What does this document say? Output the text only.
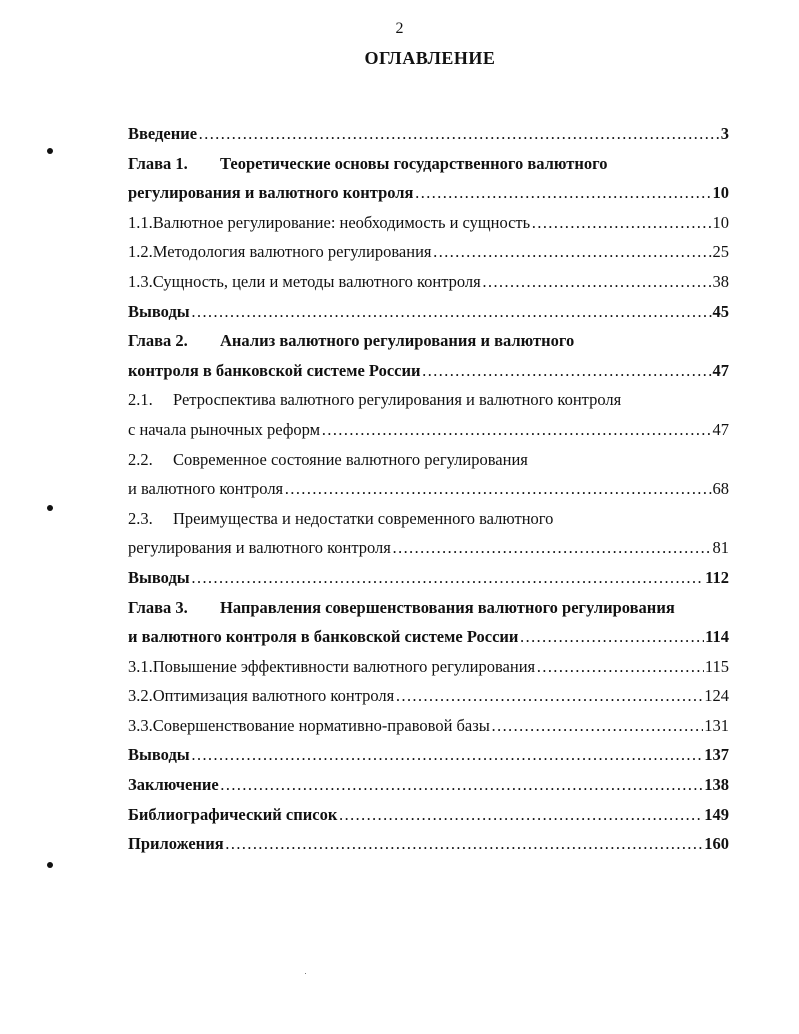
2
ОГЛАВЛЕНИЕ
Введение ……………………………………………………………………………………………………………………………………………………	3
Глава 1.	Теоретические основы государственного валютного
регулирования и валютного контроля ……………………………………………………………………………………………………………………………………………………	10
1.1. Валютное регулирование: необходимость и сущность ……………………………………………………………………………………………………………………………………………………	10
1.2. Методология валютного регулирования ……………………………………………………………………………………………………………………………………………………	25
1.3. Сущность, цели и методы валютного контроля ……………………………………………………………………………………………………………………………………………………	38
Выводы ……………………………………………………………………………………………………………………………………………………	45
Глава 2.	Анализ валютного регулирования и валютного
контроля в банковской системе России ……………………………………………………………………………………………………………………………………………………	47
2.1.	Ретроспектива валютного регулирования и валютного контроля
с начала рыночных реформ ……………………………………………………………………………………………………………………………………………………	47
2.2.	Современное состояние валютного регулирования
и валютного контроля ……………………………………………………………………………………………………………………………………………………	68
2.3.	Преимущества и недостатки современного валютного
регулирования и валютного контроля ……………………………………………………………………………………………………………………………………………………	81
Выводы ……………………………………………………………………………………………………………………………………………………	112
Глава 3.	Направления совершенствования валютного регулирования
и валютного контроля в банковской системе России ……………………………………………………………………………………………………………………………………………………	114
3.1. Повышение эффективности валютного регулирования ……………………………………………………………………………………………………………………………………………………	115
3.2. Оптимизация валютного контроля ……………………………………………………………………………………………………………………………………………………	124
3.3. Совершенствование нормативно-правовой базы ……………………………………………………………………………………………………………………………………………………	131
Выводы ……………………………………………………………………………………………………………………………………………………	137
Заключение ……………………………………………………………………………………………………………………………………………………	138
Библиографический список ……………………………………………………………………………………………………………………………………………………	149
Приложения ……………………………………………………………………………………………………………………………………………………	160
